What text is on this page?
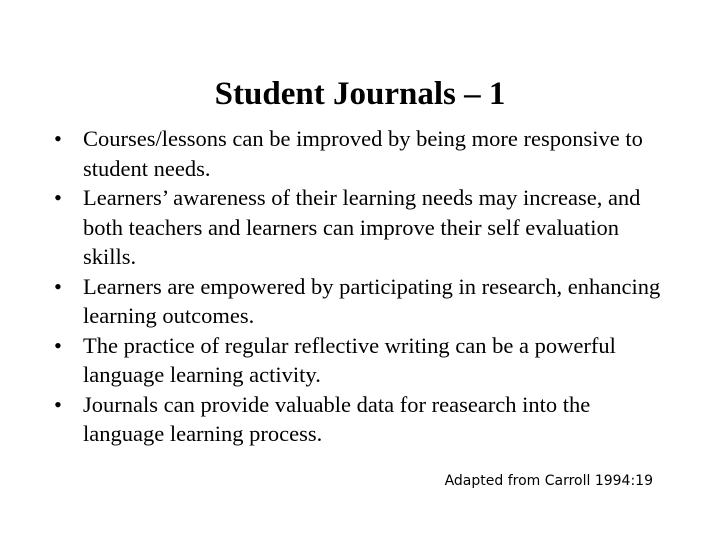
Student Journals – 1
• Courses/lessons can be improved by being more responsive to student needs.
• Learners’ awareness of their learning needs may increase, and both teachers and learners can improve their self evaluation skills.
• Learners are empowered by participating in research, enhancing learning outcomes.
• The practice of regular reflective writing can be a powerful language learning activity.
• Journals can provide valuable data for reasearch into the language learning process.
Adapted from Carroll 1994:19
